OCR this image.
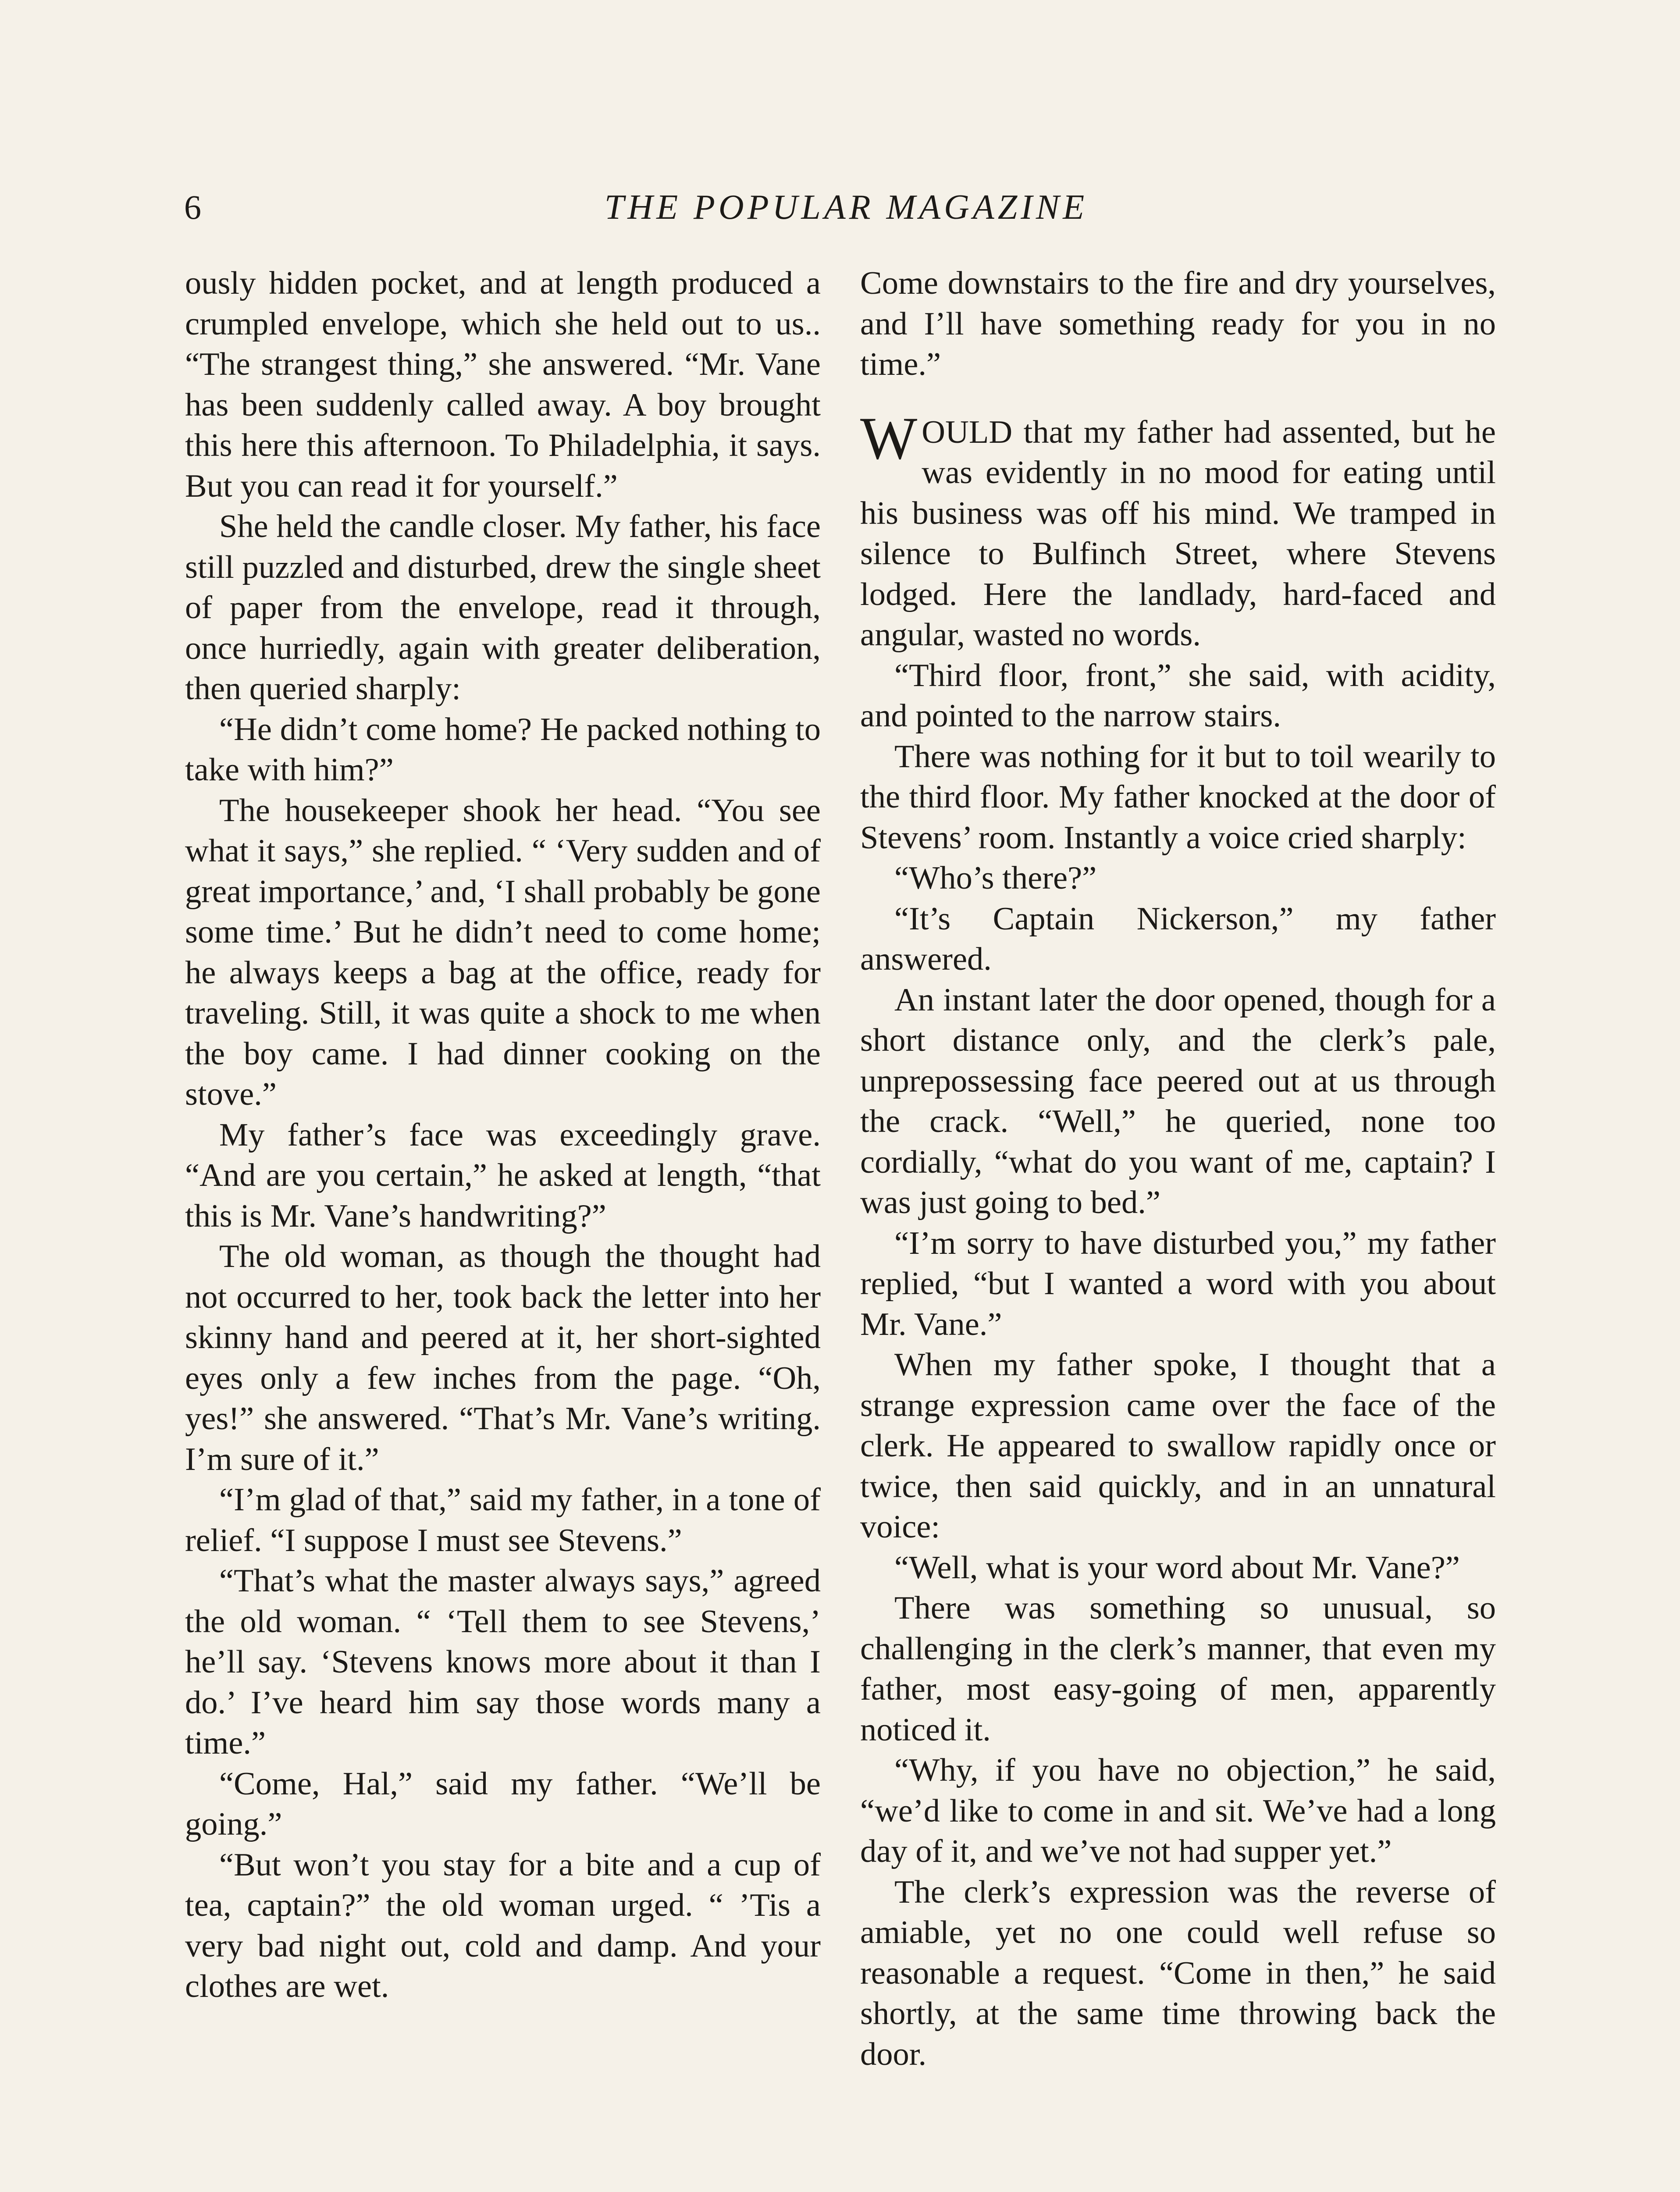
THE POPULAR MAGAZINE
6

ously hidden pocket, and at length produced a crumpled envelope, which she held out to us.. “The strangest thing,” she answered. “Mr. Vane has been suddenly called away. A boy brought this here this afternoon. To Philadelphia, it says. But you can read it for yourself.”

She held the candle closer. My father, his face still puzzled and disturbed, drew the single sheet of paper from the envelope, read it through, once hurriedly, again with greater deliberation, then queried sharply:

“He didn’t come home? He packed nothing to take with him?”

The housekeeper shook her head. “You see what it says,” she replied. “ ‘Very sudden and of great importance,’ and, ‘I shall probably be gone some time.’ But he didn’t need to come home; he always keeps a bag at the office, ready for traveling. Still, it was quite a shock to me when the boy came. I had dinner cooking on the stove.”

My father’s face was exceedingly grave. “And are you certain,” he asked at length, “that this is Mr. Vane’s handwriting?”

The old woman, as though the thought had not occurred to her, took back the letter into her skinny hand and peered at it, her short-sighted eyes only a few inches from the page. “Oh, yes!” she answered. “That’s Mr. Vane’s writing. I’m sure of it.”

“I’m glad of that,” said my father, in a tone of relief. “I suppose I must see Stevens.”

“That’s what the master always says,” agreed the old woman. “ ‘Tell them to see Stevens,’ he’ll say. ‘Stevens knows more about it than I do.’ I’ve heard him say those words many a time.”

“Come, Hal,” said my father. “We’ll be going.”

“But won’t you stay for a bite and a cup of tea, captain?” the old woman urged. “ ’Tis a very bad night out, cold and damp. And your clothes are wet.

Come downstairs to the fire and dry yourselves, and I’ll have something ready for you in no time.”

WOULD that my father had assented, but he was evidently in no mood for eating until his business was off his mind. We tramped in silence to Bulfinch Street, where Stevens lodged. Here the landlady, hard-faced and angular, wasted no words.

“Third floor, front,” she said, with acidity, and pointed to the narrow stairs.

There was nothing for it but to toil wearily to the third floor. My father knocked at the door of Stevens’ room. Instantly a voice cried sharply:

“Who’s there?”

“It’s Captain Nickerson,” my father answered.

An instant later the door opened, though for a short distance only, and the clerk’s pale, unprepossessing face peered out at us through the crack. “Well,” he queried, none too cordially, “what do you want of me, captain? I was just going to bed.”

“I’m sorry to have disturbed you,” my father replied, “but I wanted a word with you about Mr. Vane.”

When my father spoke, I thought that a strange expression came over the face of the clerk. He appeared to swallow rapidly once or twice, then said quickly, and in an unnatural voice:

“Well, what is your word about Mr. Vane?”

There was something so unusual, so challenging in the clerk’s manner, that even my father, most easy-going of men, apparently noticed it.

“Why, if you have no objection,” he said, “we’d like to come in and sit. We’ve had a long day of it, and we’ve not had supper yet.”

The clerk’s expression was the reverse of amiable, yet no one could well refuse so reasonable a request. “Come in then,” he said shortly, at the same time throwing back the door.
